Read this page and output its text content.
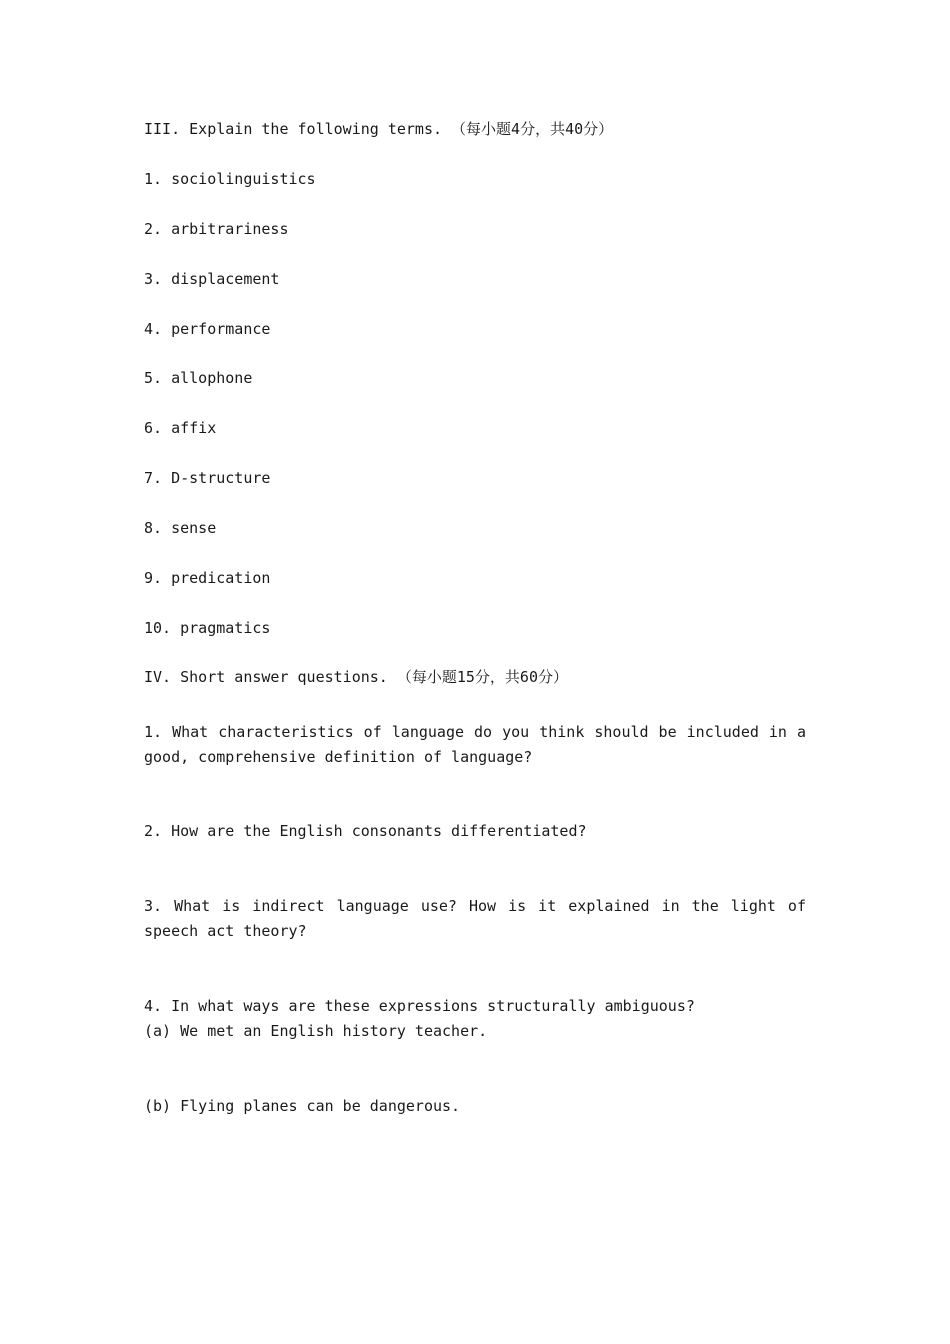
III. Explain the following terms. （每小题4分，共40分）
1. sociolinguistics
2. arbitrariness
3. displacement
4. performance
5. allophone
6. affix
7. D-structure
8. sense
9. predication
10. pragmatics
IV. Short answer questions. （每小题15分，共60分）
1. What characteristics of language do you think should be included in a good, comprehensive definition of language?
2. How are the English consonants differentiated?
3. What is indirect language use? How is it explained in the light of speech act theory?
4. In what ways are these expressions structurally ambiguous?
(a) We met an English history teacher.
(b) Flying planes can be dangerous.
